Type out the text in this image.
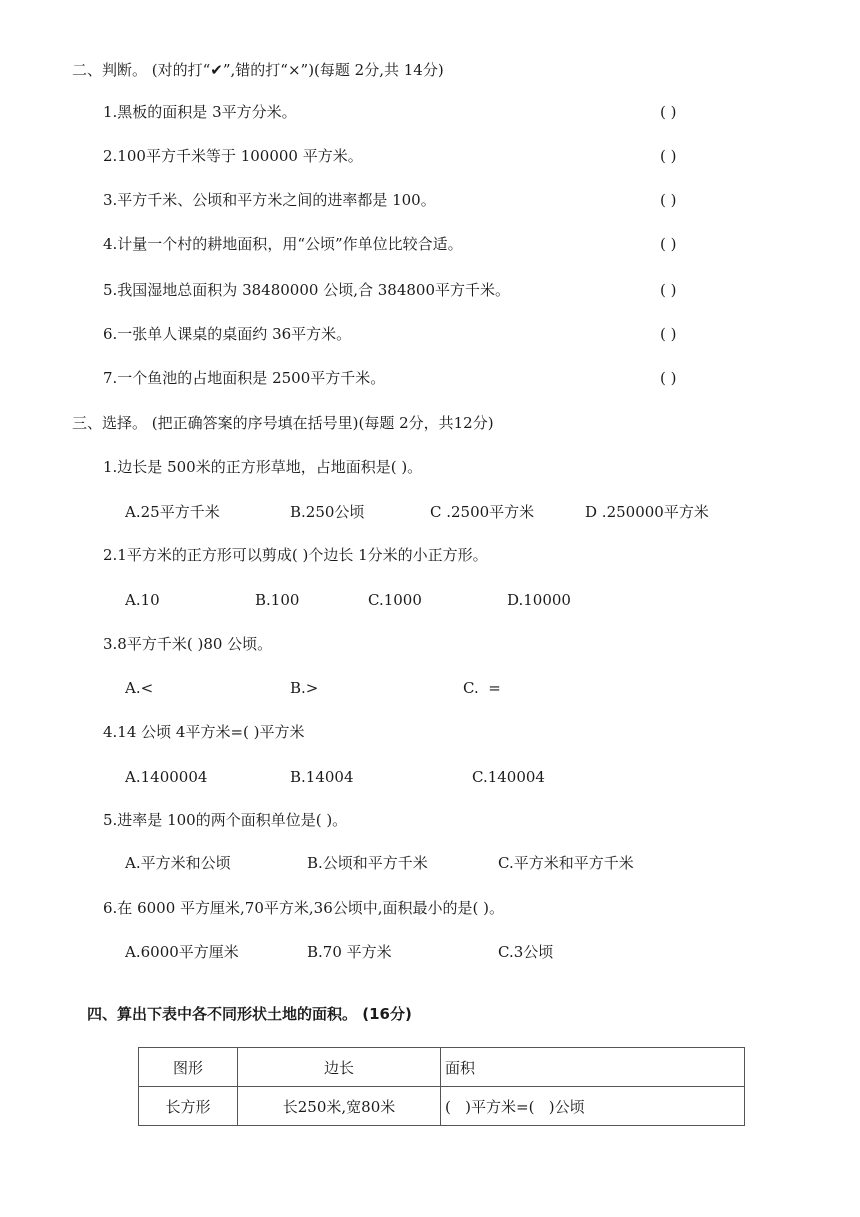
二、判断。 (对的打“✔”,错的打“×”)(每题 2分,共 14分)
1.黑板的面积是 3平方分米。	( )
2.100平方千米等于 100000 平方米。	( )
3.平方千米、公顷和平方米之间的进率都是 100。	( )
4.计量一个村的耕地面积，用“公顷”作单位比较合适。	( )
5.我国湿地总面积为 38480000 公顷,合 384800平方千米。	( )
6.一张单人课桌的桌面约 36平方米。	( )
7.一个鱼池的占地面积是 2500平方千米。	( )
三、选择。 (把正确答案的序号填在括号里)(每题 2分，共12分)
1.边长是 500米的正方形草地，占地面积是( )。
A.25平方千米	B.250公顷	C .2500平方米	D .250000平方米
2.1平方米的正方形可以剪成( )个边长 1分米的小正方形。
A.10	B.100	C.1000	D.10000
3.8平方千米( )80 公顷。
A.<	B.>	C.  =
4.14 公顷 4平方米=( )平方米
A.1400004	B.14004	C.140004
5.进率是 100的两个面积单位是( )。
A.平方米和公顷	B.公顷和平方千米	C.平方米和平方千米
6.在 6000 平方厘米,70平方米,36公顷中,面积最小的是( )。
A.6000平方厘米	B.70 平方米	C.3公顷
四、算出下表中各不同形状土地的面积。 (16分)
图形	边长	面积
长方形	长250米,宽80米	(   )平方米=(   )公顷
